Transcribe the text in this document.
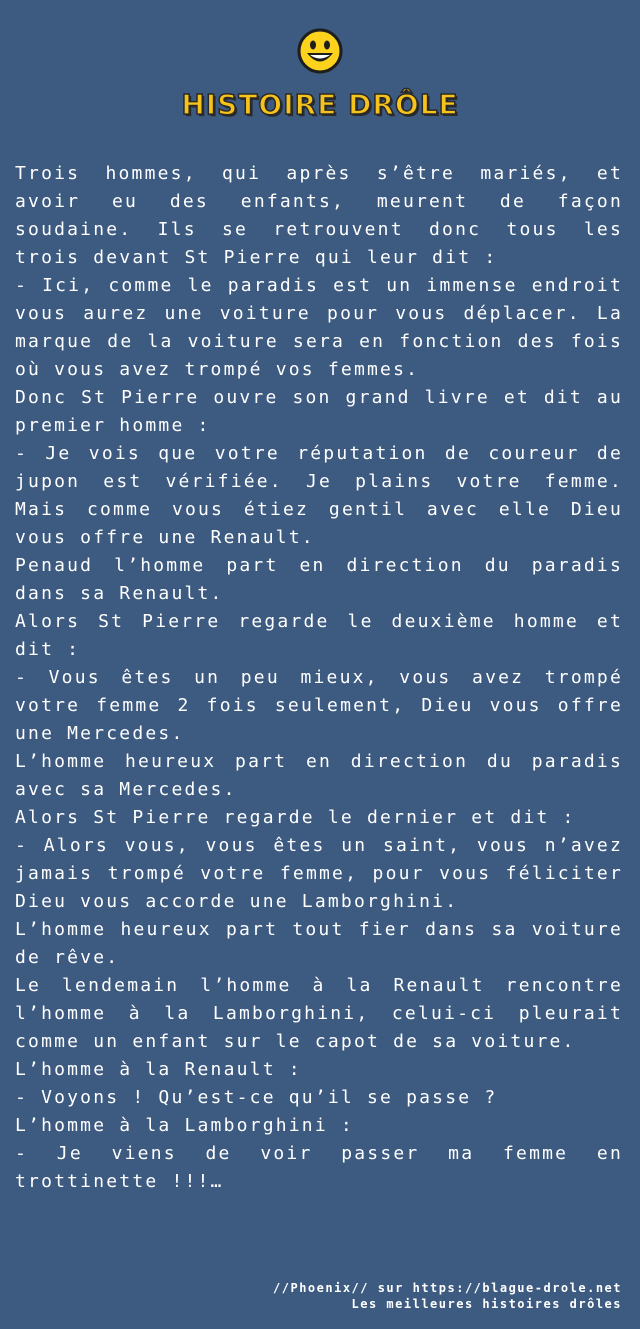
HISTOIRE DRÔLE

Trois hommes, qui après s’être mariés, et avoir eu des enfants, meurent de façon soudaine. Ils se retrouvent donc tous les trois devant St Pierre qui leur dit :

- Ici, comme le paradis est un immense endroit vous aurez une voiture pour vous déplacer. La marque de la voiture sera en fonction des fois où vous avez trompé vos femmes.

Donc St Pierre ouvre son grand livre et dit au premier homme :

- Je vois que votre réputation de coureur de jupon est vérifiée. Je plains votre femme. Mais comme vous étiez gentil avec elle Dieu vous offre une Renault.

Penaud l’homme part en direction du paradis dans sa Renault.

Alors St Pierre regarde le deuxième homme et dit :

- Vous êtes un peu mieux, vous avez trompé votre femme 2 fois seulement, Dieu vous offre une Mercedes.

L’homme heureux part en direction du paradis avec sa Mercedes.

Alors St Pierre regarde le dernier et dit :

- Alors vous, vous êtes un saint, vous n’avez jamais trompé votre femme, pour vous féliciter Dieu vous accorde une Lamborghini.

L’homme heureux part tout fier dans sa voiture de rêve.

Le lendemain l’homme à la Renault rencontre l’homme à la Lamborghini, celui-ci pleurait comme un enfant sur le capot de sa voiture.

L’homme à la Renault :

- Voyons ! Qu’est-ce qu’il se passe ?

L’homme à la Lamborghini :

- Je viens de voir passer ma femme en trottinette !!!…

//Phoenix// sur https://blague-drole.net
Les meilleures histoires drôles
